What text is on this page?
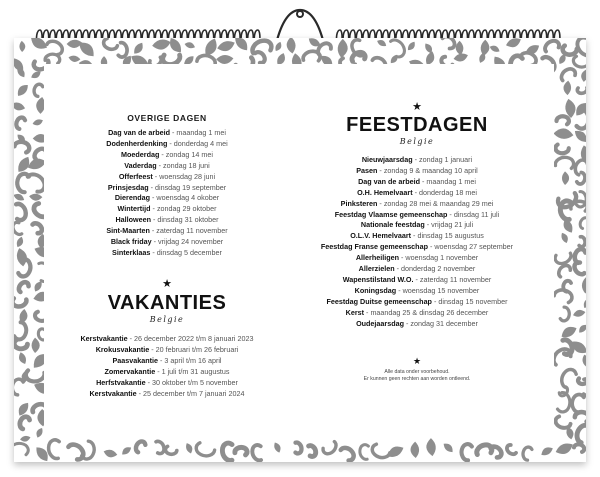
OVERIGE DAGEN
Dag van de arbeid - maandag 1 mei
Dodenherdenking - donderdag 4 mei
Moederdag - zondag 14 mei
Vaderdag - zondag 18 juni
Offerfeest - woensdag 28 juni
Prinsjesdag - dinsdag 19 september
Dierendag - woensdag 4 okober
Wintertijd - zondag 29 oktober
Halloween - dinsdag 31 oktober
Sint-Maarten - zaterdag 11 november
Black friday - vrijdag 24 november
Sinterklaas - dinsdag 5 december
★
VAKANTIES
Belgie
Kerstvakantie - 26 december 2022 t/m 8 januari 2023
Krokusvakantie - 20 februari t/m 26 februari
Paasvakantie - 3 april t/m 16 april
Zomervakantie - 1 juli t/m 31 augustus
Herfstvakantie - 30 oktober t/m 5 november
Kerstvakantie - 25 december t/m 7 januari 2024
★
FEESTDAGEN
Belgie
Nieuwjaarsdag - zondag 1 januari
Pasen - zondag 9 & maandag 10 april
Dag van de arbeid - maandag 1 mei
O.H. Hemelvaart - donderdag 18 mei
Pinksteren - zondag 28 mei & maandag 29 mei
Feestdag Vlaamse gemeenschap - dinsdag 11 juli
Nationale feestdag - vrijdag 21 juli
O.L.V. Hemelvaart - dinsdag 15 augustus
Feestdag Franse gemeenschap - woensdag 27 september
Allerheiligen - woensdag 1 november
Allerzielen - donderdag 2 november
Wapenstilstand W.O. - zaterdag 11 november
Koningsdag - woensdag 15 november
Feestdag Duitse gemeenschap - dinsdag 15 november
Kerst - maandag 25 & dinsdag 26 december
Oudejaarsdag - zondag 31 december
★
Alle data onder voorbehoud.
Er kunnen geen rechten aan worden ontleend.
